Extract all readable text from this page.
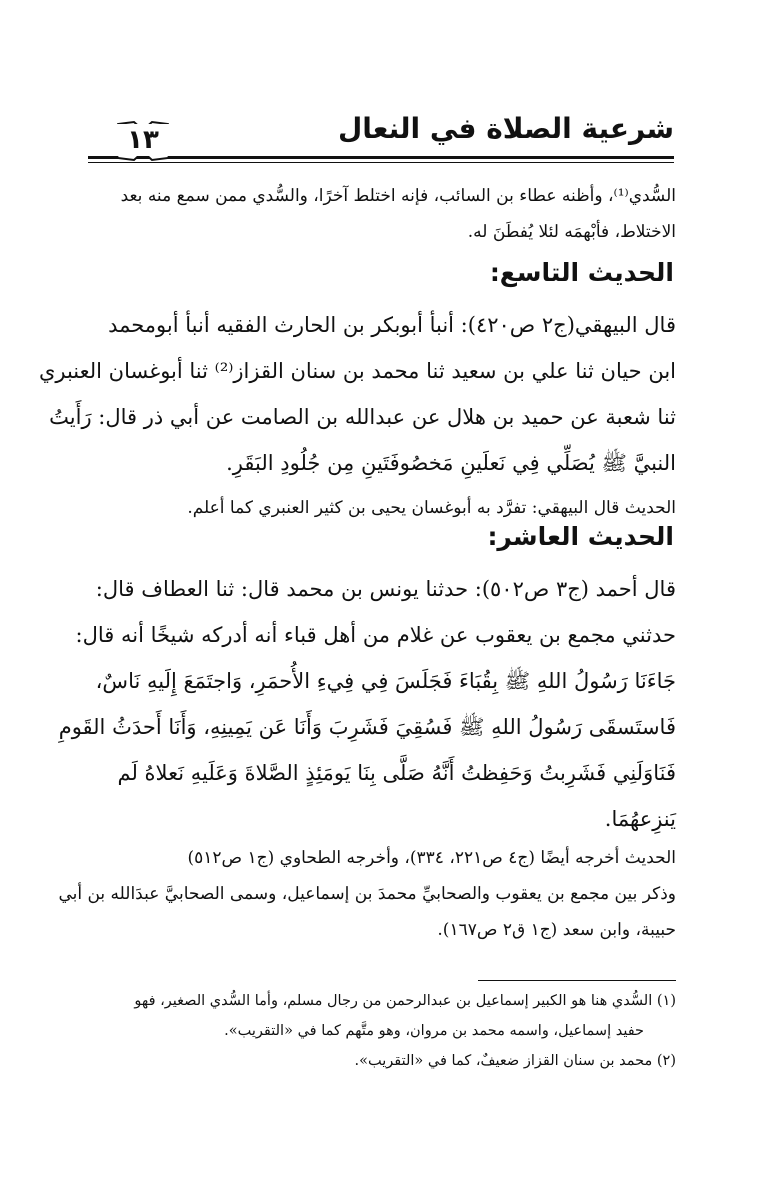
شرعية الصلاة في النعال
١٣
السُّدي⁽¹⁾، وأظنه عطاء بن السائب، فإنه اختلط آخرًا، والسُّدي ممن سمع منه بعد
الاختلاط، فأبْهمَه لئلا يُفطَنَ له.
الحديث التاسع:
قال البيهقي(ج٢ ص٤٢٠): أنبأ أبوبكر بن الحارث الفقيه أنبأ أبومحمد
ابن حيان ثنا علي بن سعيد ثنا محمد بن سنان القزاز⁽²⁾ ثنا أبوغسان العنبري
ثنا شعبة عن حميد بن هلال عن عبدالله بن الصامت عن أبي ذر قال: رَأَيتُ
النبيَّ ﷺ يُصَلِّي فِي نَعلَينِ مَخصُوفَتَينِ مِن جُلُودِ البَقَرِ.
الحديث قال البيهقي: تفرَّد به أبوغسان يحيى بن كثير العنبري كما أعلم.
الحديث العاشر:
قال أحمد (ج٣ ص٥٠٢): حدثنا يونس بن محمد قال: ثنا العطاف قال:
حدثني مجمع بن يعقوب عن غلام من أهل قباء أنه أدركه شيخًا أنه قال:
جَاءَنَا رَسُولُ اللهِ ﷺ بِقُبَاءَ فَجَلَسَ فِي فِيءِ الأُحمَرِ، وَاجتَمَعَ إِلَيهِ نَاسٌ،
فَاستَسقَى رَسُولُ اللهِ ﷺ فَسُقِيَ فَشَرِبَ وَأَنَا عَن يَمِينِهِ، وَأَنَا أَحدَثُ القَومِ
فَنَاوَلَنِي فَشَرِبتُ وَحَفِظتُ أَنَّهُ صَلَّى بِنَا يَومَئِذٍ الصَّلاةَ وَعَلَيهِ نَعلاهُ لَم
يَنزِعهُمَا.
الحديث أخرجه أيضًا (ج٤ ص٢٢١، ٣٣٤)، وأخرجه الطحاوي (ج١ ص٥١٢)
وذكر بين مجمع بن يعقوب والصحابيِّ محمدَ بن إسماعيل، وسمى الصحابيَّ عبدَالله بن أبي
حبيبة، وابن سعد (ج١ ق٢ ص١٦٧).
(١) السُّدي هنا هو الكبير إسماعيل بن عبدالرحمن من رجال مسلم، وأما السُّدي الصغير، فهو
حفيد إسماعيل، واسمه محمد بن مروان، وهو متَّهم كما في «التقريب».
(٢) محمد بن سنان القزاز ضعيفٌ، كما في «التقريب».
